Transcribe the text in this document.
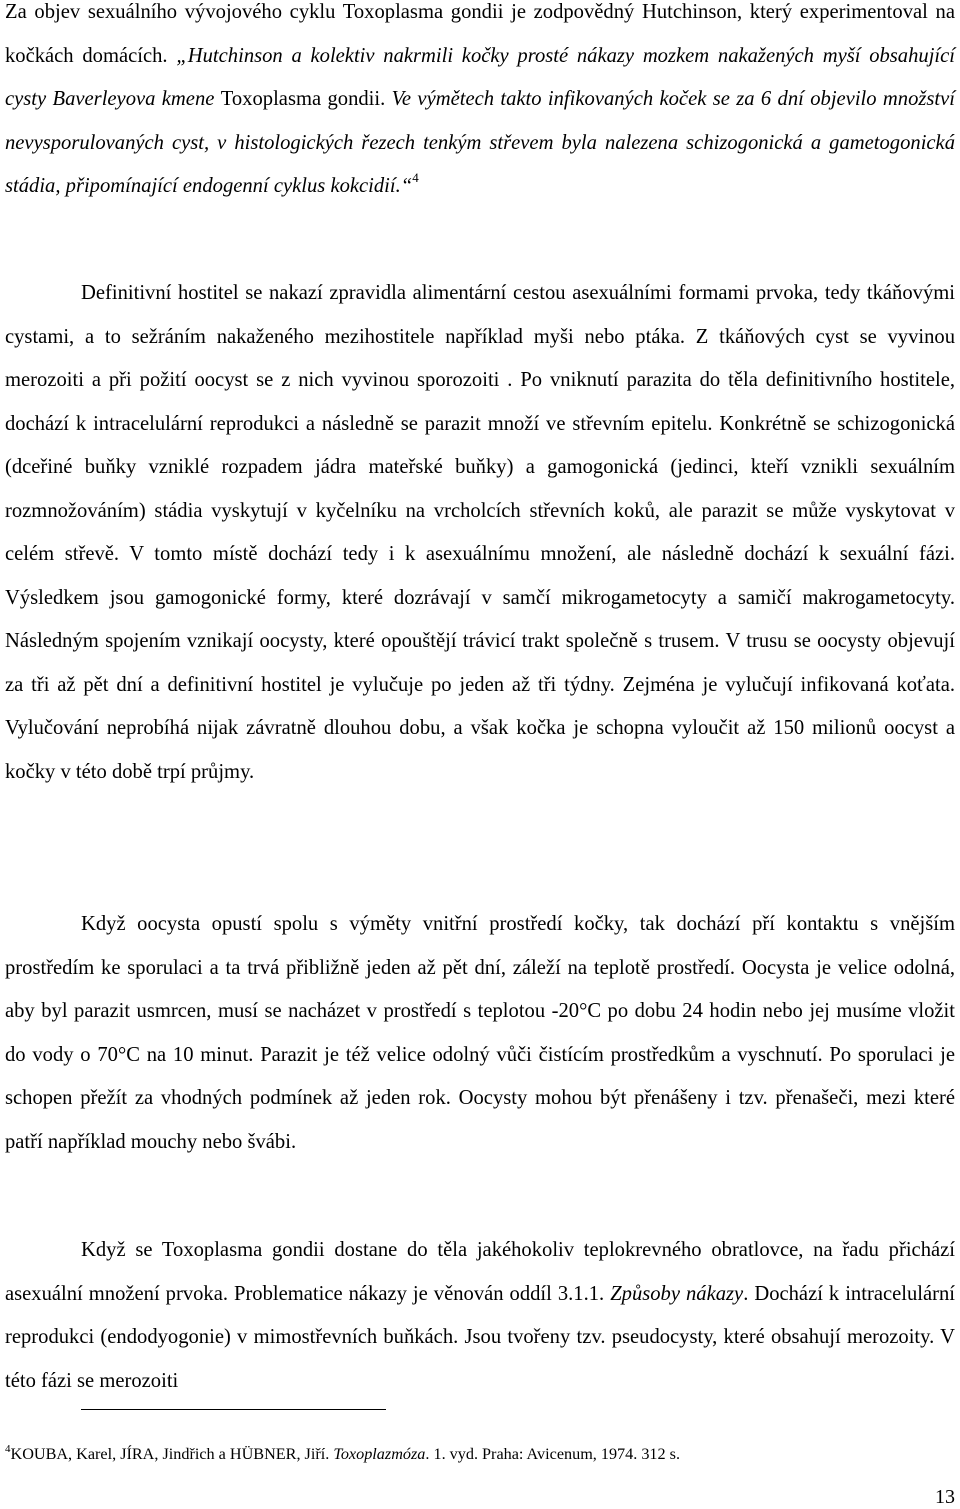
Za objev sexuálního vývojového cyklu Toxoplasma gondii je zodpovědný Hutchinson, který experimentoval na kočkách domácích. „Hutchinson a kolektiv nakrmili kočky prosté nákazy mozkem nakažených myší obsahující cysty Baverleyova kmene Toxoplasma gondii. Ve výmětech takto infikovaných koček se za 6 dní objevilo množství nevysporulovaných cyst, v histologických řezech tenkým střevem byla nalezena schizogonická a gametogonická stádia, připomínající endogenní cyklus kokcidií.“$^4$

Definitivní hostitel se nakazí zpravidla alimentární cestou asexuálními formami prvoka, tedy tkáňovými cystami, a to sežráním nakaženého mezihostitele například myši nebo ptáka. Z tkáňových cyst se vyvinou merozoiti a při požití oocyst se z nich vyvinou sporozoiti . Po vniknutí parazita do těla definitivního hostitele, dochází k intracelulární reprodukci a následně se parazit množí ve střevním epitelu. Konkrétně se schizogonická (dceřiné buňky vzniklé rozpadem jádra mateřské buňky) a gamogonická (jedinci, kteří vznikli sexuálním rozmnožováním) stádia vyskytují v kyčelníku na vrcholcích střevních koků, ale parazit se může vyskytovat v celém střevě. V tomto místě dochází tedy i k asexuálnímu množení, ale následně dochází k sexuální fázi. Výsledkem jsou gamogonické formy, které dozrávají v samčí mikrogametocyty a samičí makrogametocyty. Následným spojením vznikají oocysty, které opouštějí trávicí trakt společně s trusem. V trusu se oocysty objevují za tři až pět dní a definitivní hostitel je vylučuje po jeden až tři týdny. Zejména je vylučují infikovaná koťata. Vylučování neprobíhá nijak závratně dlouhou dobu, a však kočka je schopna vyloučit až 150 milionů oocyst a kočky v této době trpí průjmy.

Když oocysta opustí spolu s výměty vnitřní prostředí kočky, tak dochází pří kontaktu s vnějším prostředím ke sporulaci a ta trvá přibližně jeden až pět dní, záleží na teplotě prostředí. Oocysta je velice odolná, aby byl parazit usmrcen, musí se nacházet v prostředí s teplotou -20°C po dobu 24 hodin nebo jej musíme vložit do vody o 70°C na 10 minut. Parazit je též velice odolný vůči čistícím prostředkům a vyschnutí. Po sporulaci je schopen přežít za vhodných podmínek až jeden rok. Oocysty mohou být přenášeny i tzv. přenašeči, mezi které patří například mouchy nebo švábi.

Když se Toxoplasma gondii dostane do těla jakéhokoliv teplokrevného obratlovce, na řadu přichází asexuální množení prvoka. Problematice nákazy je věnován oddíl 3.1.1. Způsoby nákazy. Dochází k intracelulární reprodukci (endodyogonie) v mimostřevních buňkách. Jsou tvořeny tzv. pseudocysty, které obsahují merozoity. V této fázi se merozoiti

$^4$KOUBA, Karel, JÍRA, Jindřich a HÜBNER, Jiří. Toxoplazmóza. 1. vyd. Praha: Avicenum, 1974. 312 s.
13
